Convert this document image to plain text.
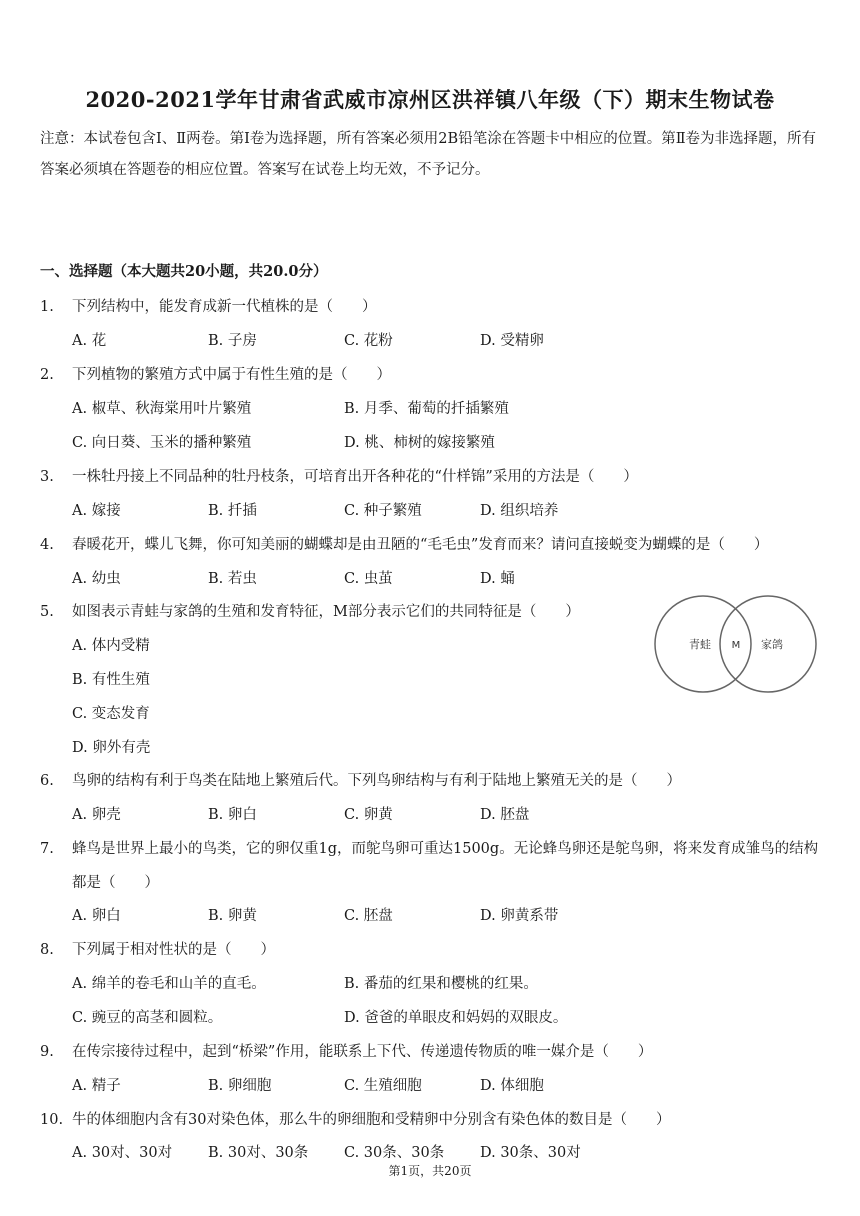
2020-2021学年甘肃省武威市凉州区洪祥镇八年级（下）期末生物试卷

注意：本试卷包含Ⅰ、Ⅱ两卷。第Ⅰ卷为选择题，所有答案必须用2B铅笔涂在答题卡中相应的位置。第Ⅱ卷为非选择题，所有答案必须填在答题卷的相应位置。答案写在试卷上均无效，不予记分。

一、选择题（本大题共20小题，共20.0分）

1. 下列结构中，能发育成新一代植株的是（　　）
A. 花	B. 子房	C. 花粉	D. 受精卵
2. 下列植物的繁殖方式中属于有性生殖的是（　　）
A. 椒草、秋海棠用叶片繁殖	B. 月季、葡萄的扦插繁殖
C. 向日葵、玉米的播种繁殖	D. 桃、柿树的嫁接繁殖
3. 一株牡丹接上不同品种的牡丹枝条，可培育出开各种花的“什样锦”采用的方法是（　　）
A. 嫁接	B. 扦插	C. 种子繁殖	D. 组织培养
4. 春暖花开，蝶儿飞舞，你可知美丽的蝴蝶却是由丑陋的“毛毛虫”发育而来？请问直接蜕变为蝴蝶的是（　　）
A. 幼虫	B. 若虫	C. 虫茧	D. 蛹
5. 如图表示青蛙与家鸽的生殖和发育特征，M部分表示它们的共同特征是（　　）
A. 体内受精
B. 有性生殖
C. 变态发育
D. 卵外有壳
青蛙 M 家鸽
6. 鸟卵的结构有利于鸟类在陆地上繁殖后代。下列鸟卵结构与有利于陆地上繁殖无关的是（　　）
A. 卵壳	B. 卵白	C. 卵黄	D. 胚盘
7. 蜂鸟是世界上最小的鸟类，它的卵仅重1g，而鸵鸟卵可重达1500g。无论蜂鸟卵还是鸵鸟卵，将来发育成雏鸟的结构都是（　　）
A. 卵白	B. 卵黄	C. 胚盘	D. 卵黄系带
8. 下列属于相对性状的是（　　）
A. 绵羊的卷毛和山羊的直毛。	B. 番茄的红果和樱桃的红果。
C. 豌豆的高茎和圆粒。	D. 爸爸的单眼皮和妈妈的双眼皮。
9. 在传宗接待过程中，起到“桥梁”作用，能联系上下代、传递遗传物质的唯一媒介是（　　）
A. 精子	B. 卵细胞	C. 生殖细胞	D. 体细胞
10. 牛的体细胞内含有30对染色体，那么牛的卵细胞和受精卵中分别含有染色体的数目是（　　）
A. 30对、30对 B. 30对、30条 C. 30条、30条 D. 30条、30对
第1页，共20页
